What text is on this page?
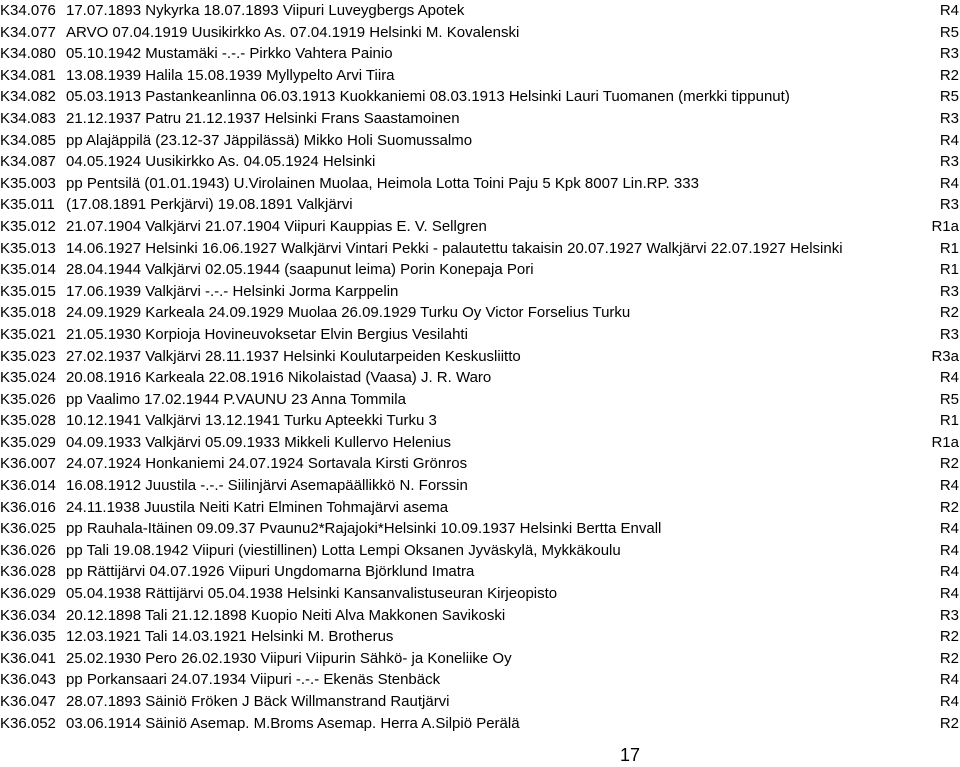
K34.076 17.07.1893 Nykyrka 18.07.1893 Viipuri Luveygbergs Apotek	R4
K34.077 ARVO 07.04.1919 Uusikirkko As. 07.04.1919 Helsinki M. Kovalenski	R5
K34.080 05.10.1942 Mustamäki -.-.- Pirkko Vahtera Painio	R3
K34.081 13.08.1939 Halila 15.08.1939 Myllypelto Arvi Tiira	R2
K34.082 05.03.1913 Pastankeanlinna 06.03.1913 Kuokkaniemi 08.03.1913 Helsinki Lauri Tuomanen (merkki tippunut)	R5
K34.083 21.12.1937 Patru 21.12.1937 Helsinki Frans Saastamoinen	R3
K34.085 pp Alajäppilä (23.12-37 Jäppilässä) Mikko Holi Suomussalmo	R4
K34.087 04.05.1924 Uusikirkko As. 04.05.1924 Helsinki	R3
K35.003 pp Pentsilä (01.01.1943) U.Virolainen Muolaa, Heimola Lotta Toini Paju 5 Kpk 8007 Lin.RP. 333	R4
K35.011 (17.08.1891 Perkjärvi) 19.08.1891 Valkjärvi	R3
K35.012 21.07.1904 Valkjärvi 21.07.1904 Viipuri Kauppias E. V. Sellgren	R1a
K35.013 14.06.1927 Helsinki 16.06.1927 Walkjärvi Vintari Pekki - palautettu takaisin 20.07.1927 Walkjärvi 22.07.1927 Helsinki	R1
K35.014 28.04.1944 Valkjärvi 02.05.1944 (saapunut leima) Porin Konepaja Pori	R1
K35.015 17.06.1939 Valkjärvi -.-.- Helsinki Jorma Karppelin	R3
K35.018 24.09.1929 Karkeala 24.09.1929 Muolaa 26.09.1929 Turku Oy Victor Forselius Turku	R2
K35.021 21.05.1930 Korpioja Hovineuvoksetar Elvin Bergius Vesilahti	R3
K35.023 27.02.1937 Valkjärvi 28.11.1937 Helsinki Koulutarpeiden Keskusliitto	R3a
K35.024 20.08.1916 Karkeala 22.08.1916 Nikolaistad (Vaasa) J. R. Waro	R4
K35.026 pp Vaalimo 17.02.1944 P.VAUNU 23 Anna Tommila	R5
K35.028 10.12.1941 Valkjärvi 13.12.1941 Turku Apteekki Turku 3	R1
K35.029 04.09.1933 Valkjärvi 05.09.1933 Mikkeli Kullervo Helenius	R1a
K36.007 24.07.1924 Honkaniemi 24.07.1924 Sortavala Kirsti Grönros	R2
K36.014 16.08.1912 Juustila -.-.- Siilinjärvi Asemapäällikkö N. Forssin	R4
K36.016 24.11.1938 Juustila Neiti Katri Elminen Tohmajärvi asema	R2
K36.025 pp Rauhala-Itäinen 09.09.37 Pvaunu2*Rajajoki*Helsinki 10.09.1937 Helsinki Bertta Envall	R4
K36.026 pp Tali 19.08.1942 Viipuri (viestillinen) Lotta Lempi Oksanen Jyväskylä, Mykkäkoulu	R4
K36.028 pp Rättijärvi 04.07.1926 Viipuri Ungdomarna Björklund Imatra	R4
K36.029 05.04.1938 Rättijärvi 05.04.1938 Helsinki Kansanvalistuseuran Kirjeopisto	R4
K36.034 20.12.1898 Tali 21.12.1898 Kuopio Neiti Alva Makkonen Savikoski	R3
K36.035 12.03.1921 Tali 14.03.1921 Helsinki M. Brotherus	R2
K36.041 25.02.1930 Pero 26.02.1930 Viipuri Viipurin Sähkö- ja Koneliike Oy	R2
K36.043 pp Porkansaari 24.07.1934 Viipuri -.-.- Ekenäs Stenbäck	R4
K36.047 28.07.1893 Säiniö Fröken J Bäck Willmanstrand Rautjärvi	R4
K36.052 03.06.1914 Säiniö Asemap. M.Broms Asemap. Herra A.Silpiö Perälä	R2
17
